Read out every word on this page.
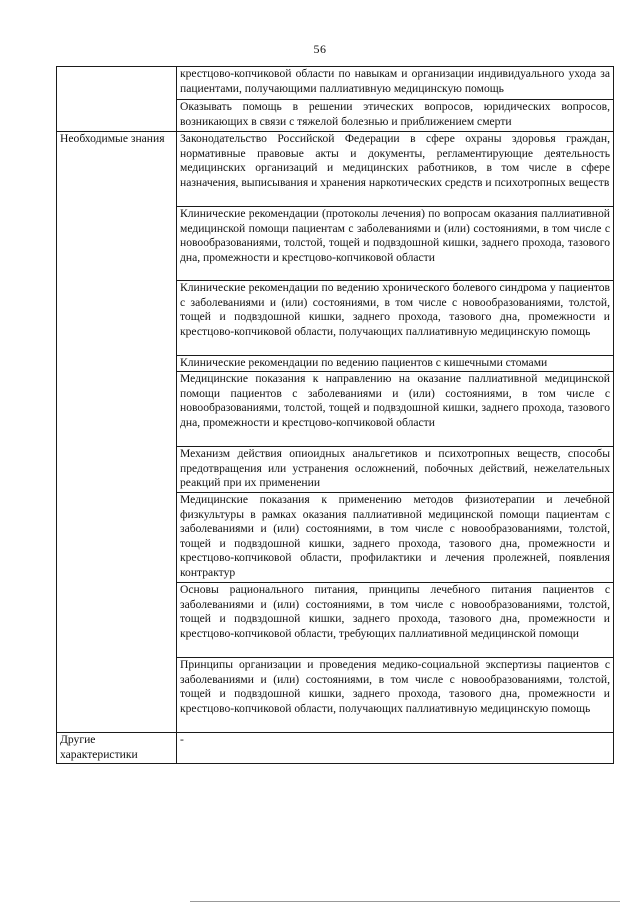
56
	крестцово-копчиковой области по навыкам и организации индивидуального ухода за пациентами, получающими паллиативную медицинскую помощь
	Оказывать помощь в решении этических вопросов, юридических вопросов, возникающих в связи с тяжелой болезнью и приближением смерти
Необходимые знания	Законодательство Российской Федерации в сфере охраны здоровья граждан, нормативные правовые акты и документы, регламентирующие деятельность медицинских организаций и медицинских работников, в том числе в сфере назначения, выписывания и хранения наркотических средств и психотропных веществ
	Клинические рекомендации (протоколы лечения) по вопросам оказания паллиативной медицинской помощи пациентам с заболеваниями и (или) состояниями, в том числе с новообразованиями, толстой, тощей и подвздошной кишки, заднего прохода, тазового дна, промежности и крестцово-копчиковой области
	Клинические рекомендации по ведению хронического болевого синдрома у пациентов с заболеваниями и (или) состояниями, в том числе с новообразованиями, толстой, тощей и подвздошной кишки, заднего прохода, тазового дна, промежности и крестцово-копчиковой области, получающих паллиативную медицинскую помощь
	Клинические рекомендации по ведению пациентов с кишечными стомами
	Медицинские показания к направлению на оказание паллиативной медицинской помощи пациентов с заболеваниями и (или) состояниями, в том числе с новообразованиями, толстой, тощей и подвздошной кишки, заднего прохода, тазового дна, промежности и крестцово-копчиковой области
	Механизм действия опиоидных анальгетиков и психотропных веществ, способы предотвращения или устранения осложнений, побочных действий, нежелательных реакций при их применении
	Медицинские показания к применению методов физиотерапии и лечебной физкультуры в рамках оказания паллиативной медицинской помощи пациентам с заболеваниями и (или) состояниями, в том числе с новообразованиями, толстой, тощей и подвздошной кишки, заднего прохода, тазового дна, промежности и крестцово-копчиковой области, профилактики и лечения пролежней, появления контрактур
	Основы рационального питания, принципы лечебного питания пациентов с заболеваниями и (или) состояниями, в том числе с новообразованиями, толстой, тощей и подвздошной кишки, заднего прохода, тазового дна, промежности и крестцово-копчиковой области, требующих паллиативной медицинской помощи
	Принципы организации и проведения медико-социальной экспертизы пациентов с заболеваниями и (или) состояниями, в том числе с новообразованиями, толстой, тощей и подвздошной кишки, заднего прохода, тазового дна, промежности и крестцово-копчиковой области, получающих паллиативную медицинскую помощь
Другие характеристики	-
